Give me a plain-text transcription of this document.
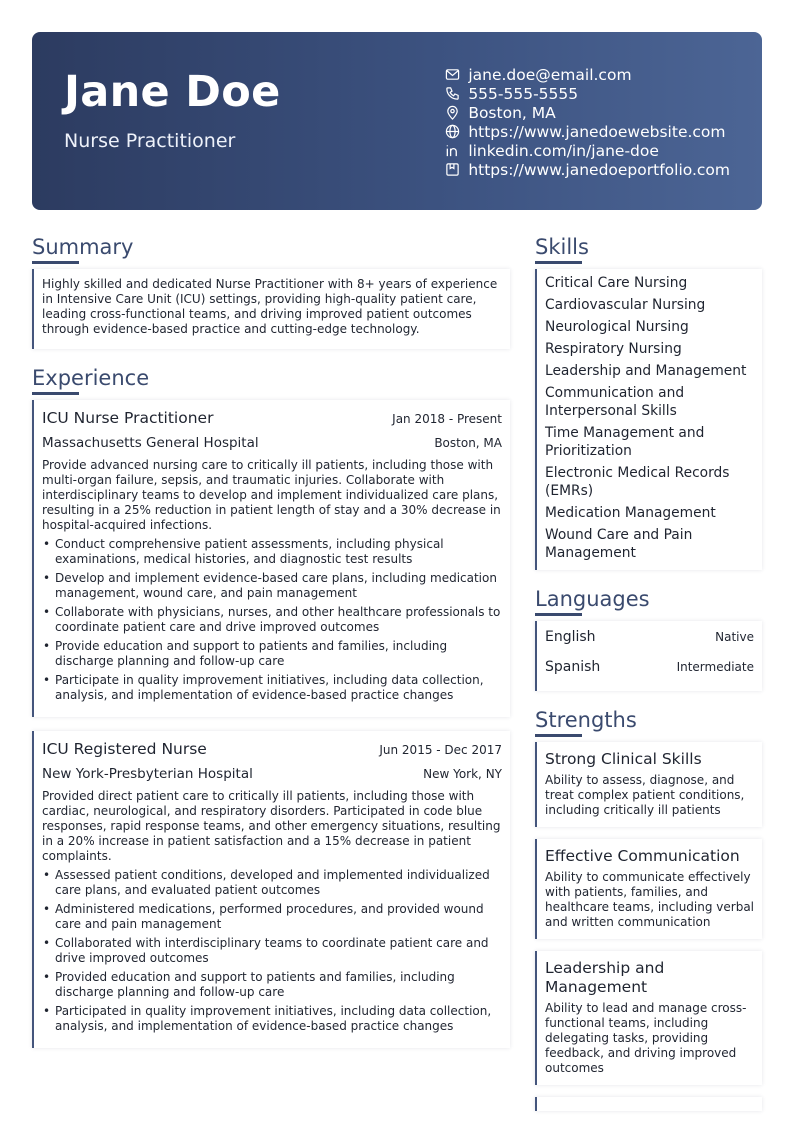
Jane Doe
Nurse Practitioner
jane.doe@email.com
555-555-5555
Boston, MA
https://www.janedoewebsite.com
linkedin.com/in/jane-doe
https://www.janedoeportfolio.com
Summary

Highly skilled and dedicated Nurse Practitioner with 8+ years of experience in Intensive Care Unit (ICU) settings, providing high-quality patient care, leading cross-functional teams, and driving improved patient outcomes through evidence-based practice and cutting-edge technology.

Experience
ICU Nurse Practitioner	Jan 2018 - Present
Massachusetts General Hospital	Boston, MA

Provide advanced nursing care to critically ill patients, including those with multi-organ failure, sepsis, and traumatic injuries. Collaborate with interdisciplinary teams to develop and implement individualized care plans, resulting in a 25% reduction in patient length of stay and a 30% decrease in hospital-acquired infections.

• Conduct comprehensive patient assessments, including physical examinations, medical histories, and diagnostic test results
• Develop and implement evidence-based care plans, including medication management, wound care, and pain management
• Collaborate with physicians, nurses, and other healthcare professionals to coordinate patient care and drive improved outcomes
• Provide education and support to patients and families, including discharge planning and follow-up care
• Participate in quality improvement initiatives, including data collection, analysis, and implementation of evidence-based practice changes
ICU Registered Nurse	Jun 2015 - Dec 2017
New York-Presbyterian Hospital	New York, NY

Provided direct patient care to critically ill patients, including those with cardiac, neurological, and respiratory disorders. Participated in code blue responses, rapid response teams, and other emergency situations, resulting in a 20% increase in patient satisfaction and a 15% decrease in patient complaints.

• Assessed patient conditions, developed and implemented individualized care plans, and evaluated patient outcomes
• Administered medications, performed procedures, and provided wound care and pain management
• Collaborated with interdisciplinary teams to coordinate patient care and drive improved outcomes
• Provided education and support to patients and families, including discharge planning and follow-up care
• Participated in quality improvement initiatives, including data collection, analysis, and implementation of evidence-based practice changes
Skills
Critical Care Nursing
Cardiovascular Nursing
Neurological Nursing
Respiratory Nursing
Leadership and Management
Communication and Interpersonal Skills
Time Management and Prioritization
Electronic Medical Records (EMRs)
Medication Management
Wound Care and Pain Management
Languages
English	Native
Spanish	Intermediate
Strengths
Strong Clinical Skills

Ability to assess, diagnose, and treat complex patient conditions, including critically ill patients

Effective Communication

Ability to communicate effectively with patients, families, and healthcare teams, including verbal and written communication

Leadership and Management

Ability to lead and manage cross-functional teams, including delegating tasks, providing feedback, and driving improved outcomes
